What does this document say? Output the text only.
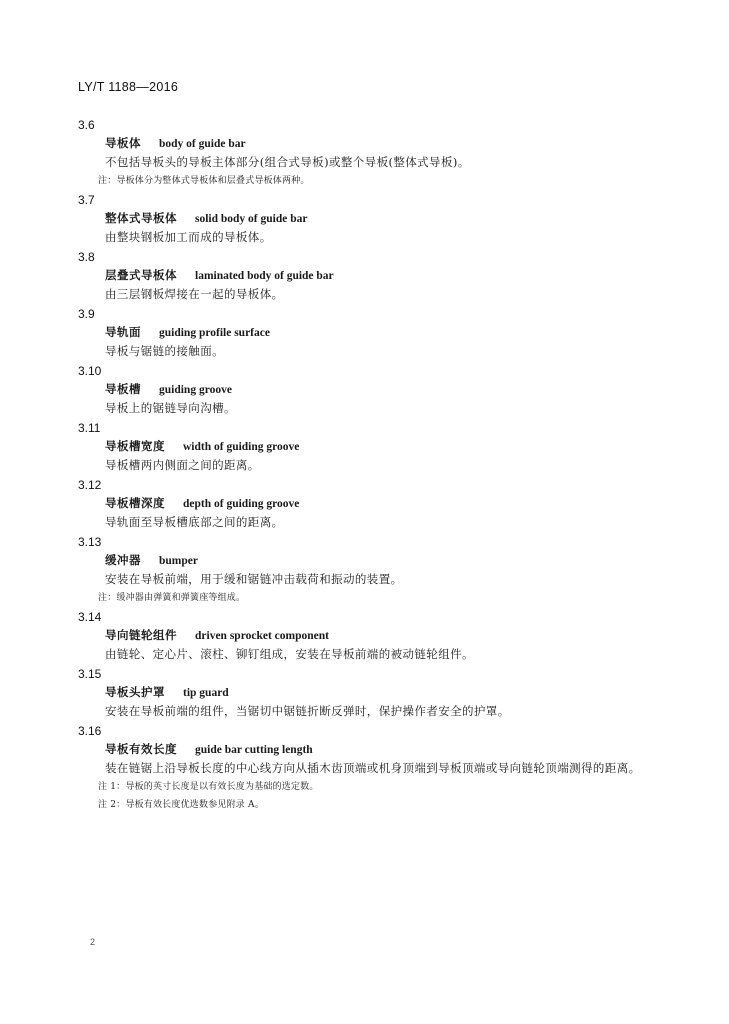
LY/T 1188—2016
3.6
导板体 body of guide bar
不包括导板头的导板主体部分(组合式导板)或整个导板(整体式导板)。
注：导板体分为整体式导板体和层叠式导板体两种。
3.7
整体式导板体 solid body of guide bar
由整块钢板加工而成的导板体。
3.8
层叠式导板体 laminated body of guide bar
由三层钢板焊接在一起的导板体。
3.9
导轨面 guiding profile surface
导板与锯链的接触面。
3.10
导板槽 guiding groove
导板上的锯链导向沟槽。
3.11
导板槽宽度 width of guiding groove
导板槽两内侧面之间的距离。
3.12
导板槽深度 depth of guiding groove
导轨面至导板槽底部之间的距离。
3.13
缓冲器 bumper
安装在导板前端，用于缓和锯链冲击载荷和振动的装置。
注：缓冲器由弹簧和弹簧座等组成。
3.14
导向链轮组件 driven sprocket component
由链轮、定心片、滚柱、铆钉组成，安装在导板前端的被动链轮组件。
3.15
导板头护罩 tip guard
安装在导板前端的组件，当锯切中锯链折断反弹时，保护操作者安全的护罩。
3.16
导板有效长度 guide bar cutting length
装在链锯上沿导板长度的中心线方向从插木齿顶端或机身顶端到导板顶端或导向链轮顶端测得的距离。
注 1：导板的英寸长度是以有效长度为基础的选定数。
注 2：导板有效长度优选数参见附录 A。
2
